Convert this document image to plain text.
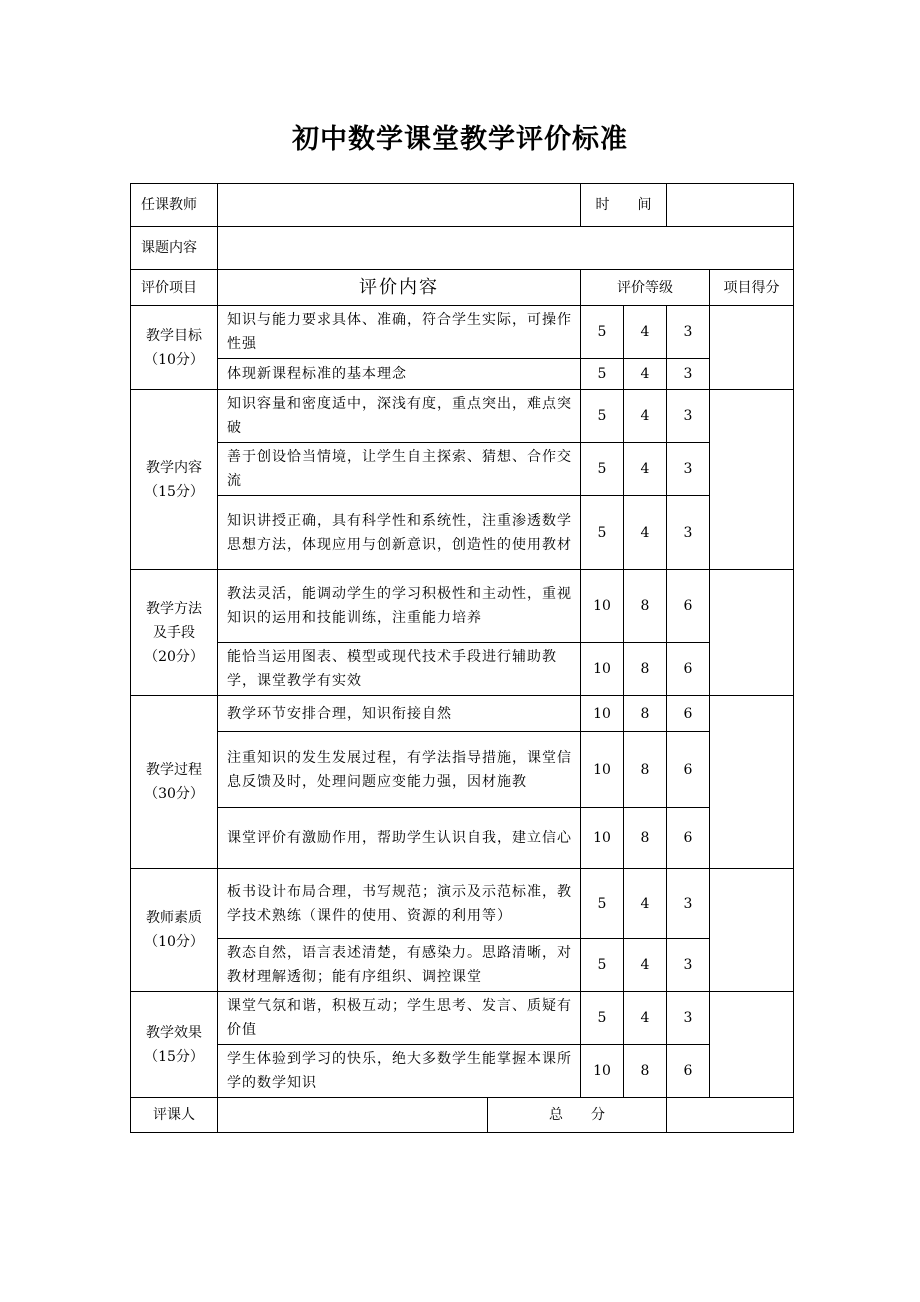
初中数学课堂教学评价标准
任课教师			时　　间			
课题内容						
评价项目	评价内容		评价等级			项目得分

教学目标
（10分）	知识与能力要求具体、准确，符合学生实际，可操作性强		5	4	3	
	体现新课程标准的基本理念		5	4	3	

教学内容
（15分）	知识容量和密度适中，深浅有度，重点突出，难点突破		5	4	3	
	善于创设恰当情境，让学生自主探索、猜想、合作交流		5	4	3	
	知识讲授正确，具有科学性和系统性，注重渗透数学思想方法，体现应用与创新意识，创造性的使用教材		5	4	3	

教学方法
及手段
（20分）	教法灵活，能调动学生的学习积极性和主动性，重视知识的运用和技能训练，注重能力培养		10	8	6	
	能恰当运用图表、模型或现代技术手段进行辅助教学，课堂教学有实效		10	8	6	

教学过程
（30分）	教学环节安排合理，知识衔接自然		10	8	6	
	注重知识的发生发展过程，有学法指导措施，课堂信息反馈及时，处理问题应变能力强，因材施教		10	8	6	
	课堂评价有激励作用，帮助学生认识自我，建立信心		10	8	6	

教师素质
（10分）	板书设计布局合理，书写规范；演示及示范标准，教学技术熟练（课件的使用、资源的利用等）		5	4	3	
	教态自然，语言表述清楚，有感染力。思路清晰，对教材理解透彻；能有序组织、调控课堂		5	4	3	

教学效果
（15分）	课堂气氛和谐，积极互动；学生思考、发言、质疑有价值		5	4	3	
	学生体验到学习的快乐，绝大多数学生能掌握本课所学的数学知识		10	8	6	
评课人		总　　分				
